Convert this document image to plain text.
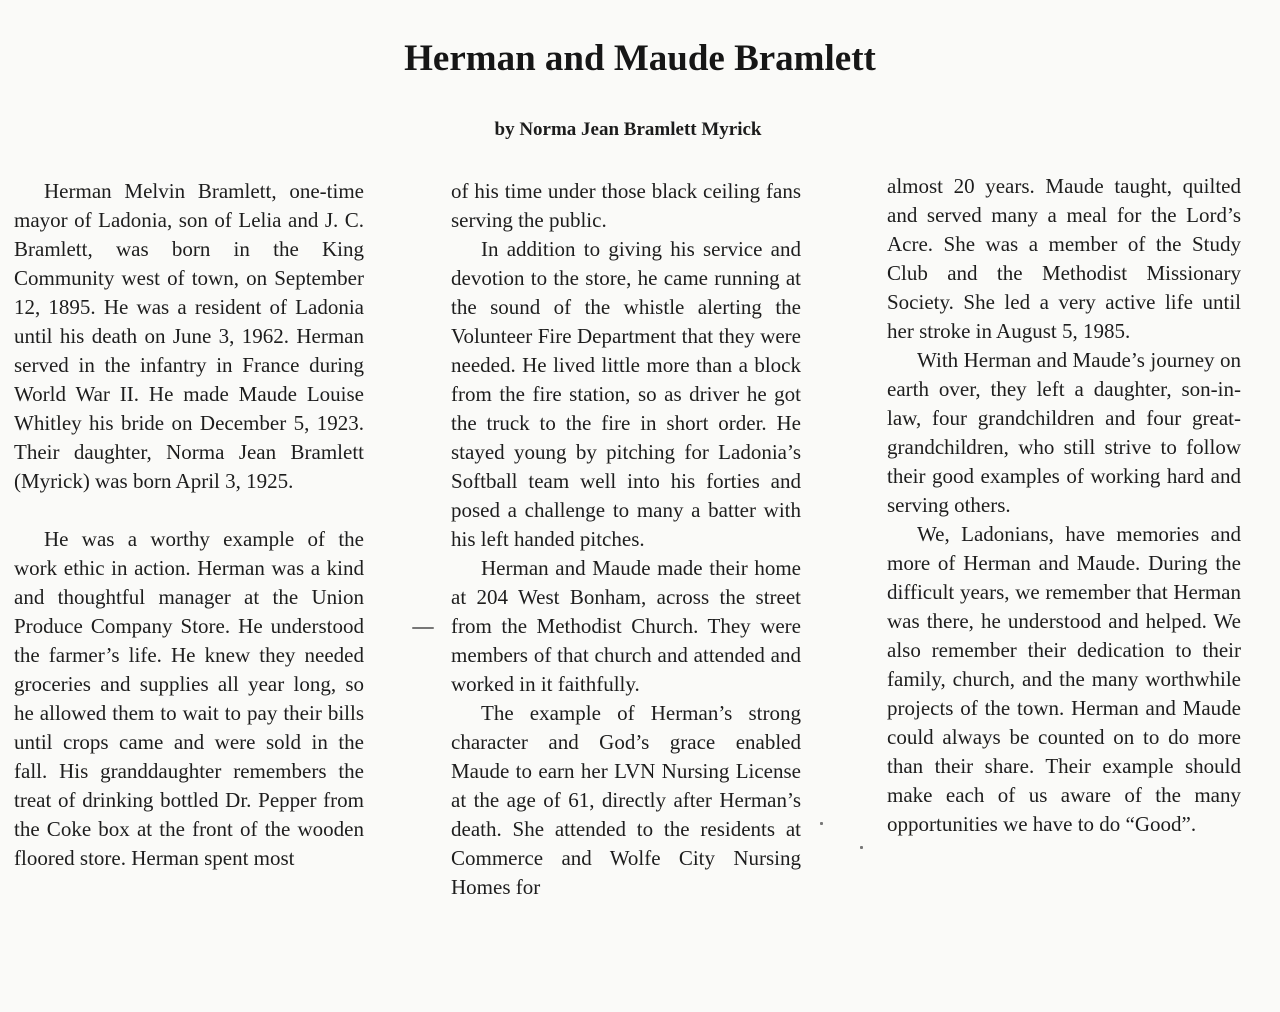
Herman and Maude Bramlett
by Norma Jean Bramlett Myrick

Herman Melvin Bramlett, one-time mayor of Ladonia, son of Lelia and J. C. Bramlett, was born in the King Community west of town, on September 12, 1895. He was a resident of Ladonia until his death on June 3, 1962. Herman served in the infantry in France during World War II. He made Maude Louise Whitley his bride on December 5, 1923. Their daughter, Norma Jean Bramlett (Myrick) was born April 3, 1925.

He was a worthy example of the work ethic in action. Herman was a kind and thoughtful manager at the Union Produce Company Store. He understood the farmer’s life. He knew they needed groceries and supplies all year long, so he allowed them to wait to pay their bills until crops came and were sold in the fall. His granddaughter remembers the treat of drinking bottled Dr. Pepper from the Coke box at the front of the wooden floored store. Herman spent most

of his time under those black ceiling fans serving the public.

In addition to giving his service and devotion to the store, he came running at the sound of the whistle alerting the Volunteer Fire Department that they were needed. He lived little more than a block from the fire station, so as driver he got the truck to the fire in short order. He stayed young by pitching for Ladonia’s Softball team well into his forties and posed a challenge to many a batter with his left handed pitches.

Herman and Maude made their home at 204 West Bonham, across the street from the Methodist Church. They were members of that church and attended and worked in it faithfully.

The example of Herman’s strong character and God’s grace enabled Maude to earn her LVN Nursing License at the age of 61, directly after Herman’s death. She attended to the residents at Commerce and Wolfe City Nursing Homes for

almost 20 years. Maude taught, quilted and served many a meal for the Lord’s Acre. She was a member of the Study Club and the Methodist Missionary Society. She led a very active life until her stroke in August 5, 1985.

With Herman and Maude’s journey on earth over, they left a daughter, son-in-law, four grandchildren and four great-grandchildren, who still strive to follow their good examples of working hard and serving others.

We, Ladonians, have memories and more of Herman and Maude. During the difficult years, we remember that Herman was there, he understood and helped. We also remember their dedication to their family, church, and the many worthwhile projects of the town. Herman and Maude could always be counted on to do more than their share. Their example should make each of us aware of the many opportunities we have to do “Good”.
